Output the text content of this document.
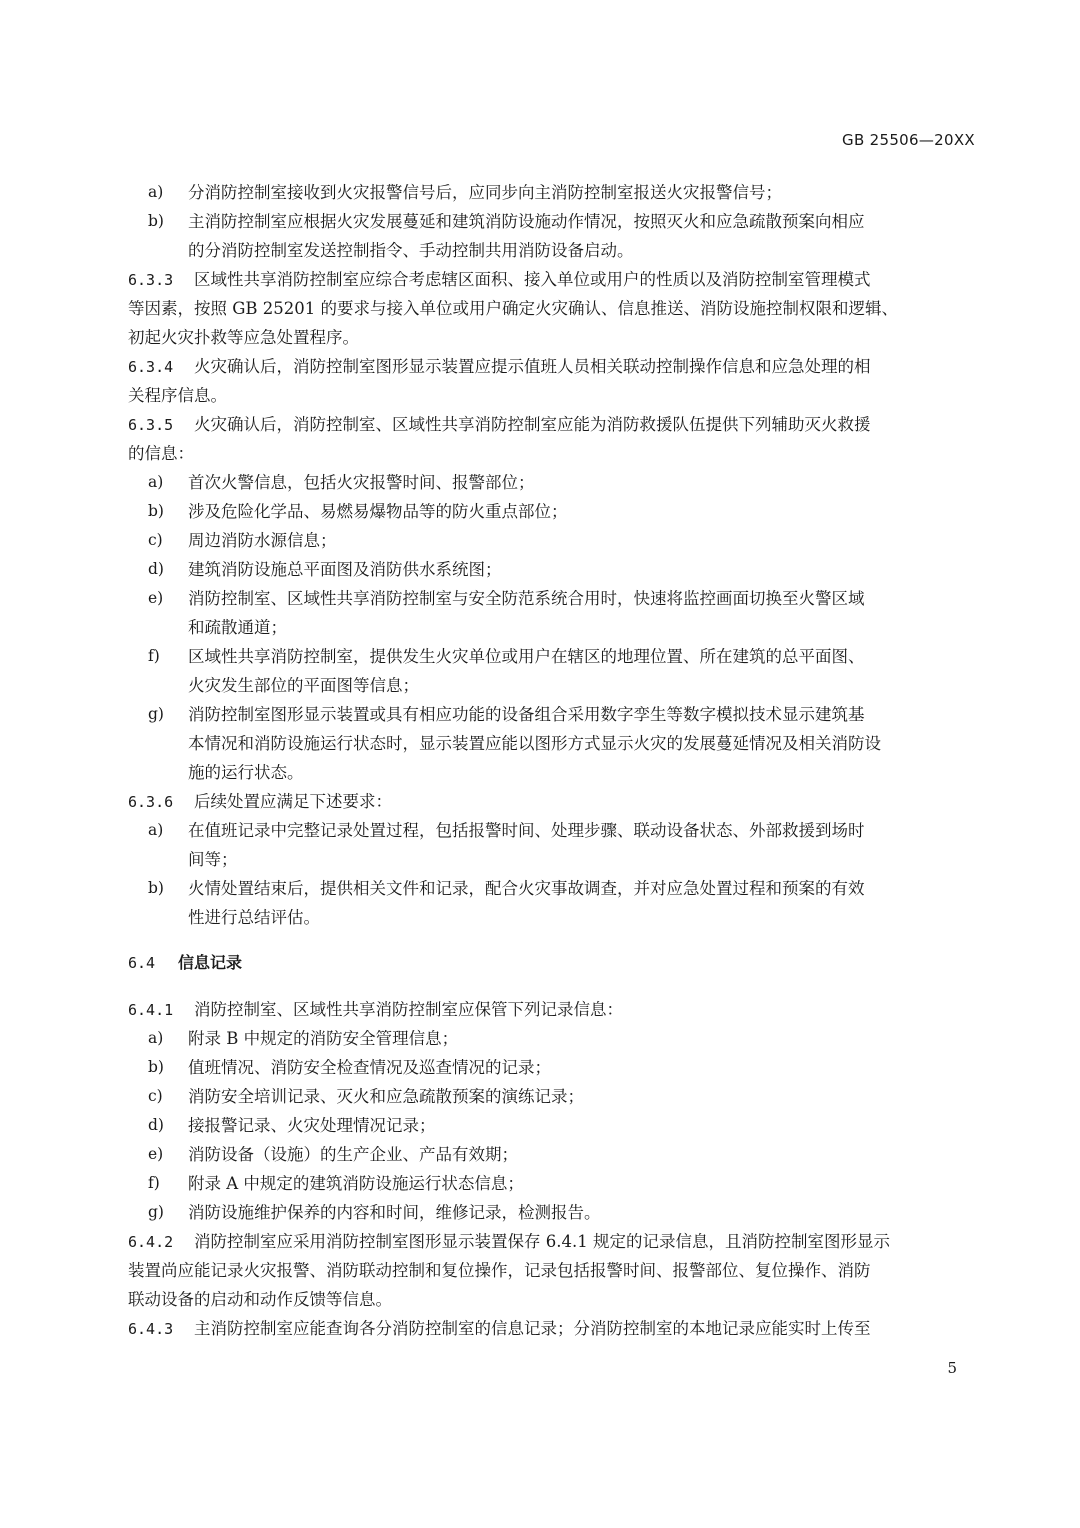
GB 25506—20XX
a) 分消防控制室接收到火灾报警信号后，应同步向主消防控制室报送火灾报警信号；
b) 主消防控制室应根据火灾发展蔓延和建筑消防设施动作情况，按照灭火和应急疏散预案向相应
的分消防控制室发送控制指令、手动控制共用消防设备启动。
6.3.3 区域性共享消防控制室应综合考虑辖区面积、接入单位或用户的性质以及消防控制室管理模式
等因素，按照 GB 25201 的要求与接入单位或用户确定火灾确认、信息推送、消防设施控制权限和逻辑、
初起火灾扑救等应急处置程序。
6.3.4 火灾确认后，消防控制室图形显示装置应提示值班人员相关联动控制操作信息和应急处理的相
关程序信息。
6.3.5 火灾确认后，消防控制室、区域性共享消防控制室应能为消防救援队伍提供下列辅助灭火救援
的信息：
a) 首次火警信息，包括火灾报警时间、报警部位；
b) 涉及危险化学品、易燃易爆物品等的防火重点部位；
c) 周边消防水源信息；
d) 建筑消防设施总平面图及消防供水系统图；
e) 消防控制室、区域性共享消防控制室与安全防范系统合用时，快速将监控画面切换至火警区域
和疏散通道；
f) 区域性共享消防控制室，提供发生火灾单位或用户在辖区的地理位置、所在建筑的总平面图、
火灾发生部位的平面图等信息；
g) 消防控制室图形显示装置或具有相应功能的设备组合采用数字孪生等数字模拟技术显示建筑基
本情况和消防设施运行状态时，显示装置应能以图形方式显示火灾的发展蔓延情况及相关消防设
施的运行状态。
6.3.6 后续处置应满足下述要求：
a) 在值班记录中完整记录处置过程，包括报警时间、处理步骤、联动设备状态、外部救援到场时
间等；
b) 火情处置结束后，提供相关文件和记录，配合火灾事故调查，并对应急处置过程和预案的有效
性进行总结评估。
6.4 信息记录
6.4.1 消防控制室、区域性共享消防控制室应保管下列记录信息：
a) 附录 B 中规定的消防安全管理信息；
b) 值班情况、消防安全检查情况及巡查情况的记录；
c) 消防安全培训记录、灭火和应急疏散预案的演练记录；
d) 接报警记录、火灾处理情况记录；
e) 消防设备（设施）的生产企业、产品有效期；
f) 附录 A 中规定的建筑消防设施运行状态信息；
g) 消防设施维护保养的内容和时间，维修记录，检测报告。
6.4.2 消防控制室应采用消防控制室图形显示装置保存 6.4.1 规定的记录信息，且消防控制室图形显示
装置尚应能记录火灾报警、消防联动控制和复位操作，记录包括报警时间、报警部位、复位操作、消防
联动设备的启动和动作反馈等信息。
6.4.3 主消防控制室应能查询各分消防控制室的信息记录；分消防控制室的本地记录应能实时上传至
5
